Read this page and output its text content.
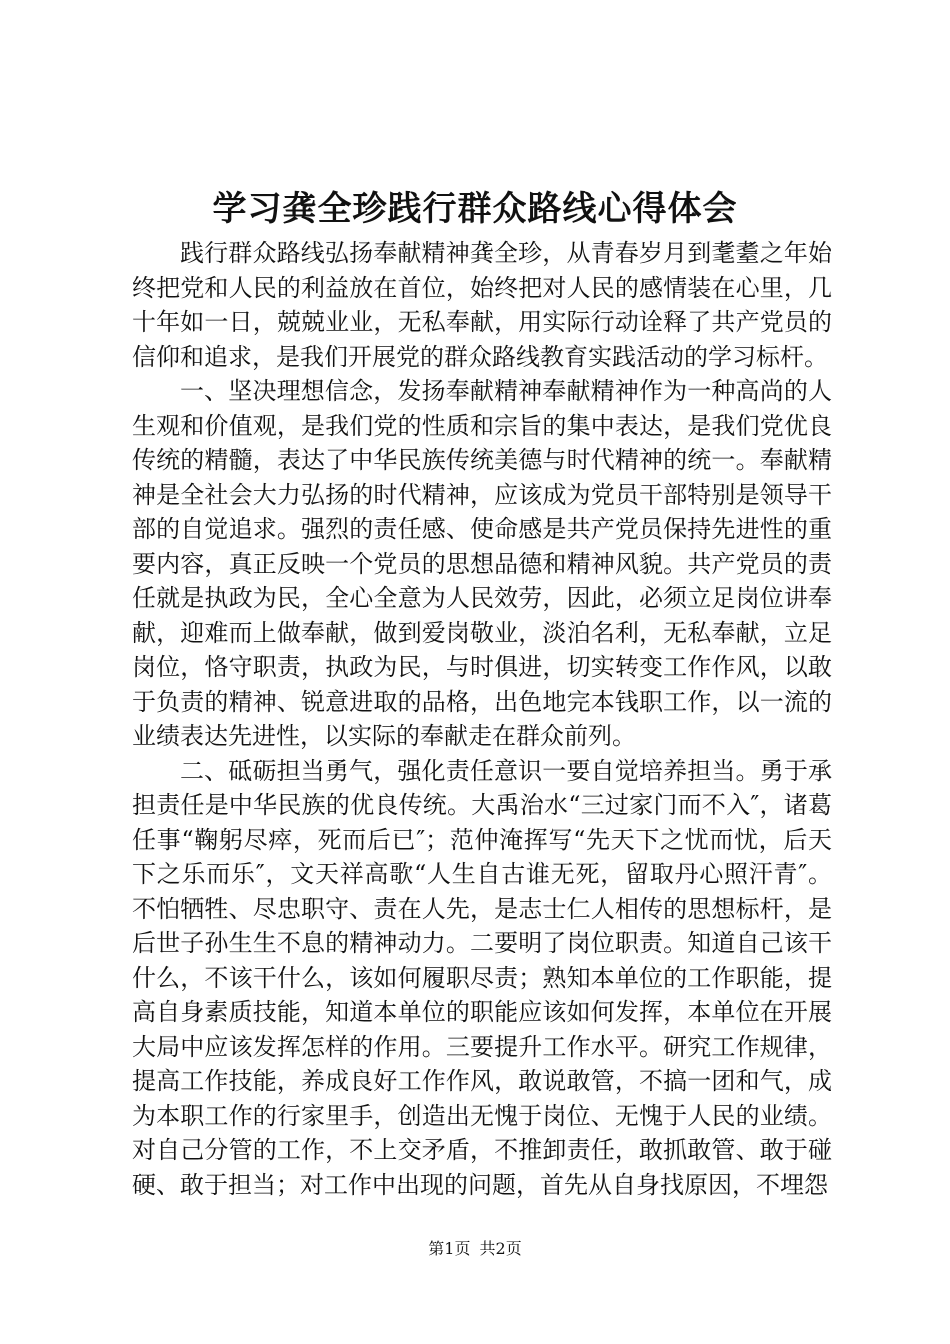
学习龚全珍践行群众路线心得体会

践行群众路线弘扬奉献精神龚全珍，从青春岁月到耄耋之年始终把党和人民的利益放在首位，始终把对人民的感情装在心里，几十年如一日，兢兢业业，无私奉献，用实际行动诠释了共产党员的信仰和追求，是我们开展党的群众路线教育实践活动的学习标杆。

一、坚决理想信念，发扬奉献精神奉献精神作为一种高尚的人生观和价值观，是我们党的性质和宗旨的集中表达，是我们党优良传统的精髓，表达了中华民族传统美德与时代精神的统一。奉献精神是全社会大力弘扬的时代精神，应该成为党员干部特别是领导干部的自觉追求。强烈的责任感、使命感是共产党员保持先进性的重要内容，真正反映一个党员的思想品德和精神风貌。共产党员的责任就是执政为民，全心全意为人民效劳，因此，必须立足岗位讲奉献，迎难而上做奉献，做到爱岗敬业，淡泊名利，无私奉献，立足岗位，恪守职责，执政为民，与时俱进，切实转变工作作风，以敢于负责的精神、锐意进取的品格，出色地完本钱职工作，以一流的业绩表达先进性，以实际的奉献走在群众前列。

二、砥砺担当勇气，强化责任意识一要自觉培养担当。勇于承担责任是中华民族的优良传统。大禹治水“三过家门而不入″，诸葛任事“鞠躬尽瘁，死而后已″；范仲淹挥写“先天下之忧而忧，后天下之乐而乐″，文天祥高歌“人生自古谁无死，留取丹心照汗青″。不怕牺牲、尽忠职守、责在人先，是志士仁人相传的思想标杆，是后世子孙生生不息的精神动力。二要明了岗位职责。知道自己该干什么，不该干什么，该如何履职尽责；熟知本单位的工作职能，提高自身素质技能，知道本单位的职能应该如何发挥，本单位在开展大局中应该发挥怎样的作用。三要提升工作水平。研究工作规律，提高工作技能，养成良好工作作风，敢说敢管，不搞一团和气，成为本职工作的行家里手，创造出无愧于岗位、无愧于人民的业绩。对自己分管的工作，不上交矛盾，不推卸责任，敢抓敢管、敢于碰硬、敢于担当；对工作中出现的问题，首先从自身找原因，不埋怨

第1页 共2页
